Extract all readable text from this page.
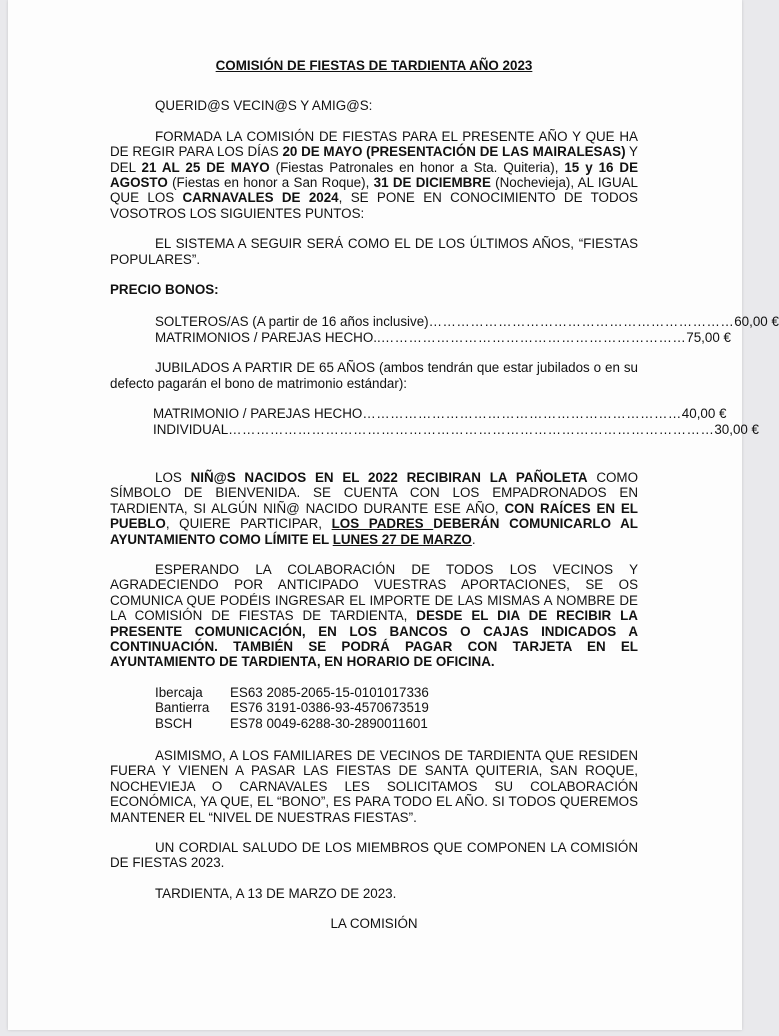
COMISIÓN DE FIESTAS DE TARDIENTA AÑO 2023

QUERID@S VECIN@S Y AMIG@S:

FORMADA LA COMISIÓN DE FIESTAS PARA EL PRESENTE AÑO Y QUE HA DE REGIR PARA LOS DÍAS 20 DE MAYO (PRESENTACIÓN DE LAS MAIRALESAS) Y DEL 21 AL 25 DE MAYO (Fiestas Patronales en honor a Sta. Quiteria), 15 y 16 DE AGOSTO (Fiestas en honor a San Roque), 31 DE DICIEMBRE (Nochevieja), AL IGUAL QUE LOS CARNAVALES DE 2024, SE PONE EN CONOCIMIENTO DE TODOS VOSOTROS LOS SIGUIENTES PUNTOS:

EL SISTEMA A SEGUIR SERÁ COMO EL DE LOS ÚLTIMOS AÑOS, “FIESTAS POPULARES”.

PRECIO BONOS:

SOLTEROS/AS (A partir de 16 años inclusive) ………………………………………………………… 60,00 €
MATRIMONIOS / PAREJAS HECHO.. ………………………………………………………… 75,00 €

JUBILADOS A PARTIR DE 65 AÑOS (ambos tendrán que estar jubilados o en su defecto pagarán el bono de matrimonio estándar):

MATRIMONIO / PAREJAS HECHO …………………………………………………………… 40,00 €
INDIVIDUAL …………………………………………………………………………………………… 30,00 €

LOS NIÑ@S NACIDOS EN EL 2022 RECIBIRAN LA PAÑOLETA COMO SÍMBOLO DE BIENVENIDA. SE CUENTA CON LOS EMPADRONADOS EN TARDIENTA, SI ALGÚN NIÑ@ NACIDO DURANTE ESE AÑO, CON RAÍCES EN EL PUEBLO, QUIERE PARTICIPAR, LOS PADRES DEBERÁN COMUNICARLO AL AYUNTAMIENTO COMO LÍMITE EL LUNES 27 DE MARZO.

ESPERANDO LA COLABORACIÓN DE TODOS LOS VECINOS Y AGRADECIENDO POR ANTICIPADO VUESTRAS APORTACIONES, SE OS COMUNICA QUE PODÉIS INGRESAR EL IMPORTE DE LAS MISMAS A NOMBRE DE LA COMISIÓN DE FIESTAS DE TARDIENTA, DESDE EL DIA DE RECIBIR LA PRESENTE COMUNICACIÓN, EN LOS BANCOS O CAJAS INDICADOS A CONTINUACIÓN. TAMBIÉN SE PODRÁ PAGAR CON TARJETA EN EL AYUNTAMIENTO DE TARDIENTA, EN HORARIO DE OFICINA.

Ibercaja	ES63 2085-2065-15-0101017336
Bantierra	ES76 3191-0386-93-4570673519
BSCH	ES78 0049-6288-30-2890011601

ASIMISMO, A LOS FAMILIARES DE VECINOS DE TARDIENTA QUE RESIDEN FUERA Y VIENEN A PASAR LAS FIESTAS DE SANTA QUITERIA, SAN ROQUE, NOCHEVIEJA O CARNAVALES LES SOLICITAMOS SU COLABORACIÓN ECONÓMICA, YA QUE, EL “BONO”, ES PARA TODO EL AÑO. SI TODOS QUEREMOS MANTENER EL “NIVEL DE NUESTRAS FIESTAS”.

UN CORDIAL SALUDO DE LOS MIEMBROS QUE COMPONEN LA COMISIÓN DE FIESTAS 2023.

TARDIENTA, A 13 DE MARZO DE 2023.

LA COMISIÓN
